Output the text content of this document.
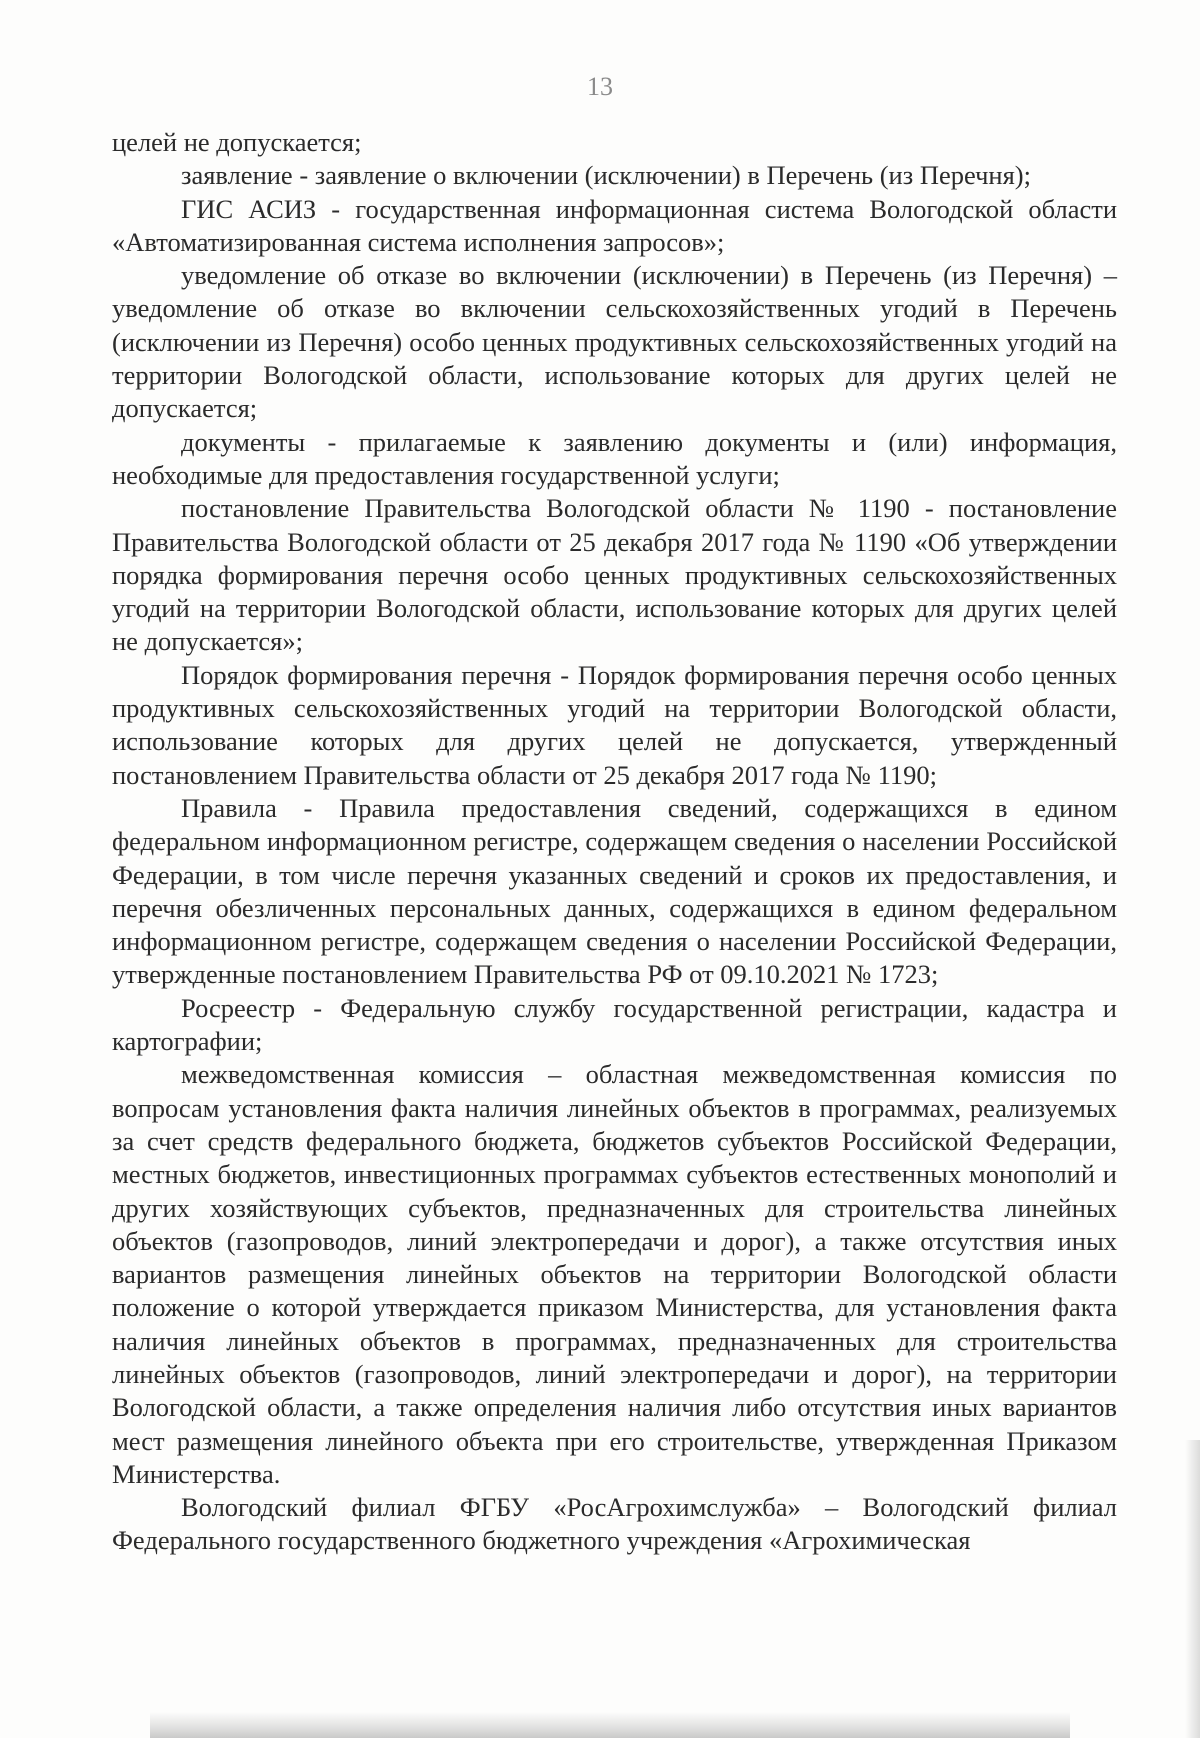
13

целей не допускается;

заявление - заявление о включении (исключении) в Перечень (из Перечня);

ГИС АСИЗ - государственная информационная система Вологодской области «Автоматизированная система исполнения запросов»;

уведомление об отказе во включении (исключении) в Перечень (из Перечня) – уведомление об отказе во включении сельскохозяйственных угодий в Перечень (исключении из Перечня) особо ценных продуктивных сельскохозяйственных угодий на территории Вологодской области, использование которых для других целей не допускается;

документы - прилагаемые к заявлению документы и (или) информация, необходимые для предоставления государственной услуги;

постановление Правительства Вологодской области № 1190 - постановление Правительства Вологодской области от 25 декабря 2017 года № 1190 «Об утверждении порядка формирования перечня особо ценных продуктивных сельскохозяйственных угодий на территории Вологодской области, использование которых для других целей не допускается»;

Порядок формирования перечня - Порядок формирования перечня особо ценных продуктивных сельскохозяйственных угодий на территории Вологодской области, использование которых для других целей не допускается, утвержденный постановлением Правительства области от 25 декабря 2017 года № 1190;

Правила - Правила предоставления сведений, содержащихся в едином федеральном информационном регистре, содержащем сведения о населении Российской Федерации, в том числе перечня указанных сведений и сроков их предоставления, и перечня обезличенных персональных данных, содержащихся в едином федеральном информационном регистре, содержащем сведения о населении Российской Федерации, утвержденные постановлением Правительства РФ от 09.10.2021 № 1723;

Росреестр - Федеральную службу государственной регистрации, кадастра и картографии;

межведомственная комиссия – областная межведомственная комиссия по вопросам установления факта наличия линейных объектов в программах, реализуемых за счет средств федерального бюджета, бюджетов субъектов Российской Федерации, местных бюджетов, инвестиционных программах субъектов естественных монополий и других хозяйствующих субъектов, предназначенных для строительства линейных объектов (газопроводов, линий электропередачи и дорог), а также отсутствия иных вариантов размещения линейных объектов на территории Вологодской области положение о которой утверждается приказом Министерства, для установления факта наличия линейных объектов в программах, предназначенных для строительства линейных объектов (газопроводов, линий электропередачи и дорог), на территории Вологодской области, а также определения наличия либо отсутствия иных вариантов мест размещения линейного объекта при его строительстве, утвержденная Приказом Министерства.

Вологодский филиал ФГБУ «РосАгрохимслужба» – Вологодский филиал Федерального государственного бюджетного учреждения «Агрохимическая
